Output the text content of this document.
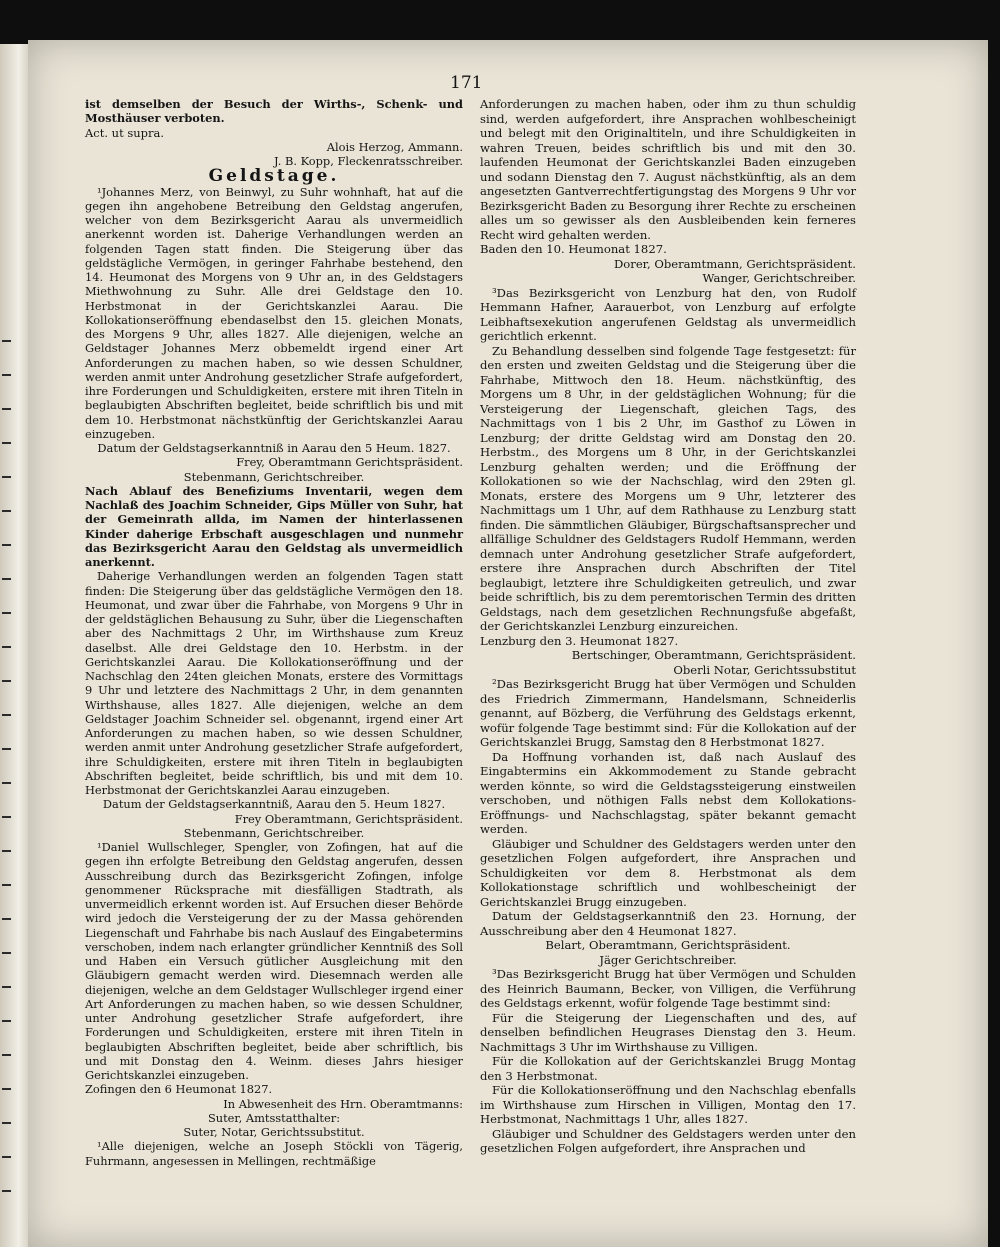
171

ist demselben der Besuch der Wirths-, Schenk- und Mosthäuser verboten.

Act. ut supra.

Alois Herzog, Ammann.

J. B. Kopp, Fleckenratsschreiber.

Geldstage.

¹Johannes Merz, von Beinwyl, zu Suhr wohnhaft, hat auf die gegen ihn angehobene Betreibung den Geldstag angerufen, welcher von dem Bezirksgericht Aarau als unvermeidlich anerkennt worden ist. Daherige Verhandlungen werden an folgenden Tagen statt finden. Die Steigerung über das geldstägliche Vermögen, in geringer Fahrhabe bestehend, den 14. Heumonat des Morgens von 9 Uhr an, in des Geldstagers Miethwohnung zu Suhr. Alle drei Geldstage den 10. Herbstmonat in der Gerichtskanzlei Aarau. Die Kollokationseröffnung ebendaselbst den 15. gleichen Monats, des Morgens 9 Uhr, alles 1827. Alle diejenigen, welche an Geldstager Johannes Merz obbemeldt irgend einer Art Anforderungen zu machen haben, so wie dessen Schuldner, werden anmit unter Androhung gesetzlicher Strafe aufgefordert, ihre Forderungen und Schuldigkeiten, erstere mit ihren Titeln in beglaubigten Abschriften begleitet, beide schriftlich bis und mit dem 10. Herbstmonat nächstkünftig der Gerichtskanzlei Aarau einzugeben.

Datum der Geldstagserkanntniß in Aarau den 5 Heum. 1827.

Frey, Oberamtmann Gerichtspräsident.

Stebenmann, Gerichtschreiber.

Nach Ablauf des Benefiziums Inventarii, wegen dem Nachlaß des Joachim Schneider, Gips Müller von Suhr, hat der Gemeinrath allda, im Namen der hinterlassenen Kinder daherige Erbschaft ausgeschlagen und nunmehr das Bezirksgericht Aarau den Geldstag als unvermeidlich anerkennt.

Daherige Verhandlungen werden an folgenden Tagen statt finden: Die Steigerung über das geldstägliche Vermögen den 18. Heumonat, und zwar über die Fahrhabe, von Morgens 9 Uhr in der geldstäglichen Behausung zu Suhr, über die Liegenschaften aber des Nachmittags 2 Uhr, im Wirthshause zum Kreuz daselbst. Alle drei Geldstage den 10. Herbstm. in der Gerichtskanzlei Aarau. Die Kollokationseröffnung und der Nachschlag den 24ten gleichen Monats, erstere des Vormittags 9 Uhr und letztere des Nachmittags 2 Uhr, in dem genannten Wirthshause, alles 1827. Alle diejenigen, welche an dem Geldstager Joachim Schneider sel. obgenannt, irgend einer Art Anforderungen zu machen haben, so wie dessen Schuldner, werden anmit unter Androhung gesetzlicher Strafe aufgefordert, ihre Schuldigkeiten, erstere mit ihren Titeln in beglaubigten Abschriften begleitet, beide schriftlich, bis und mit dem 10. Herbstmonat der Gerichtskanzlei Aarau einzugeben.

Datum der Geldstagserkanntniß, Aarau den 5. Heum 1827.

Frey Oberamtmann, Gerichtspräsident.

Stebenmann, Gerichtschreiber.

¹Daniel Wullschleger, Spengler, von Zofingen, hat auf die gegen ihn erfolgte Betreibung den Geldstag angerufen, dessen Ausschreibung durch das Bezirksgericht Zofingen, infolge genommener Rücksprache mit diesfälligen Stadtrath, als unvermeidlich erkennt worden ist. Auf Ersuchen dieser Behörde wird jedoch die Versteigerung der zu der Massa gehörenden Liegenschaft und Fahrhabe bis nach Auslauf des Eingabetermins verschoben, indem nach erlangter gründlicher Kenntniß des Soll und Haben ein Versuch gütlicher Ausgleichung mit den Gläubigern gemacht werden wird. Diesemnach werden alle diejenigen, welche an dem Geldstager Wullschleger irgend einer Art Anforderungen zu machen haben, so wie dessen Schuldner, unter Androhung gesetzlicher Strafe aufgefordert, ihre Forderungen und Schuldigkeiten, erstere mit ihren Titeln in beglaubigten Abschriften begleitet, beide aber schriftlich, bis und mit Donstag den 4. Weinm. dieses Jahrs hiesiger Gerichtskanzlei einzugeben.

Zofingen den 6 Heumonat 1827.

In Abwesenheit des Hrn. Oberamtmanns:

Suter, Amtsstatthalter:

Suter, Notar, Gerichtssubstitut.

¹Alle diejenigen, welche an Joseph Stöckli von Tägerig, Fuhrmann, angesessen in Mellingen, rechtmäßige

Anforderungen zu machen haben, oder ihm zu thun schuldig sind, werden aufgefordert, ihre Ansprachen wohlbescheinigt und belegt mit den Originaltiteln, und ihre Schuldigkeiten in wahren Treuen, beides schriftlich bis und mit den 30. laufenden Heumonat der Gerichtskanzlei Baden einzugeben und sodann Dienstag den 7. August nächstkünftig, als an dem angesetzten Gantverrechtfertigungstag des Morgens 9 Uhr vor Bezirksgericht Baden zu Besorgung ihrer Rechte zu erscheinen alles um so gewisser als den Ausbleibenden kein ferneres Recht wird gehalten werden.

Baden den 10. Heumonat 1827.

Dorer, Oberamtmann, Gerichtspräsident.

Wanger, Gerichtschreiber.

³Das Bezirksgericht von Lenzburg hat den, von Rudolf Hemmann Hafner, Aarauerbot, von Lenzburg auf erfolgte Leibhaftsexekution angerufenen Geldstag als unvermeidlich gerichtlich erkennt.

Zu Behandlung desselben sind folgende Tage festgesetzt: für den ersten und zweiten Geldstag und die Steigerung über die Fahrhabe, Mittwoch den 18. Heum. nächstkünftig, des Morgens um 8 Uhr, in der geldstäglichen Wohnung; für die Versteigerung der Liegenschaft, gleichen Tags, des Nachmittags von 1 bis 2 Uhr, im Gasthof zu Löwen in Lenzburg; der dritte Geldstag wird am Donstag den 20. Herbstm., des Morgens um 8 Uhr, in der Gerichtskanzlei Lenzburg gehalten werden; und die Eröffnung der Kollokationen so wie der Nachschlag, wird den 29ten gl. Monats, erstere des Morgens um 9 Uhr, letzterer des Nachmittags um 1 Uhr, auf dem Rathhause zu Lenzburg statt finden. Die sämmtlichen Gläubiger, Bürgschaftsansprecher und allfällige Schuldner des Geldstagers Rudolf Hemmann, werden demnach unter Androhung gesetzlicher Strafe aufgefordert, erstere ihre Ansprachen durch Abschriften der Titel beglaubigt, letztere ihre Schuldigkeiten getreulich, und zwar beide schriftlich, bis zu dem peremtorischen Termin des dritten Geldstags, nach dem gesetzlichen Rechnungsfuße abgefaßt, der Gerichtskanzlei Lenzburg einzureichen.

Lenzburg den 3. Heumonat 1827.

Bertschinger, Oberamtmann, Gerichtspräsident.

Oberli Notar, Gerichtssubstitut

²Das Bezirksgericht Brugg hat über Vermögen und Schulden des Friedrich Zimmermann, Handelsmann, Schneiderlis genannt, auf Bözberg, die Verführung des Geldstags erkennt, wofür folgende Tage bestimmt sind: Für die Kollokation auf der Gerichtskanzlei Brugg, Samstag den 8 Herbstmonat 1827.

Da Hoffnung vorhanden ist, daß nach Auslauf des Eingabtermins ein Akkommodement zu Stande gebracht werden könnte, so wird die Geldstagssteigerung einstweilen verschoben, und nöthigen Falls nebst dem Kollokations-Eröffnungs- und Nachschlagstag, später bekannt gemacht werden.

Gläubiger und Schuldner des Geldstagers werden unter den gesetzlichen Folgen aufgefordert, ihre Ansprachen und Schuldigkeiten vor dem 8. Herbstmonat als dem Kollokationstage schriftlich und wohlbescheinigt der Gerichtskanzlei Brugg einzugeben.

Datum der Geldstagserkanntniß den 23. Hornung, der Ausschreibung aber den 4 Heumonat 1827.

Belart, Oberamtmann, Gerichtspräsident.

Jäger Gerichtschreiber.

³Das Bezirksgericht Brugg hat über Vermögen und Schulden des Heinrich Baumann, Becker, von Villigen, die Verführung des Geldstags erkennt, wofür folgende Tage bestimmt sind:

Für die Steigerung der Liegenschaften und des, auf denselben befindlichen Heugrases Dienstag den 3. Heum. Nachmittags 3 Uhr im Wirthshause zu Villigen.

Für die Kollokation auf der Gerichtskanzlei Brugg Montag den 3 Herbstmonat.

Für die Kollokationseröffnung und den Nachschlag ebenfalls im Wirthshause zum Hirschen in Villigen, Montag den 17. Herbstmonat, Nachmittags 1 Uhr, alles 1827.

Gläubiger und Schuldner des Geldstagers werden unter den gesetzlichen Folgen aufgefordert, ihre Ansprachen und
